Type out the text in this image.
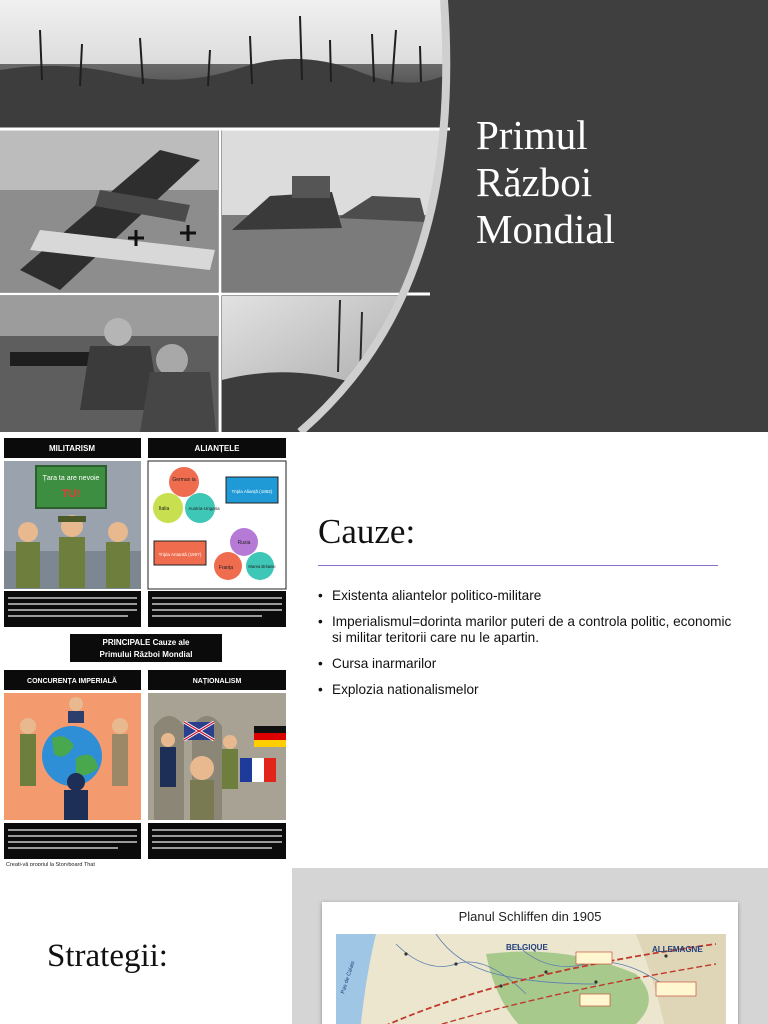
Primul
Război
Mondial
MILITARISM	ALIANȚELE
Țara ta are nevoie
TU!
German ia
Italia	Austria-Ungaria
Tripla Alianță (1882)
Rusia
Franța	Marea Britanie
Tripla Antantă (1907)
PRINCIPALE Cauze ale
Primului Război Mondial
CONCURENȚA IMPERIALĂ	NAȚIONALISM
Creați-vă propriul la Storyboard That
Cauze:
• Existenta aliantelor politico-militare
• Imperialismul=dorinta marilor puteri de a controla politic, economic si militar teritorii care nu le apartin.
• Cursa inarmarilor
• Explozia nationalismelor
Strategii:
Planul Schliffen din 1905
BELGIQUE	ALLEMAGNE
Pas de Calais
